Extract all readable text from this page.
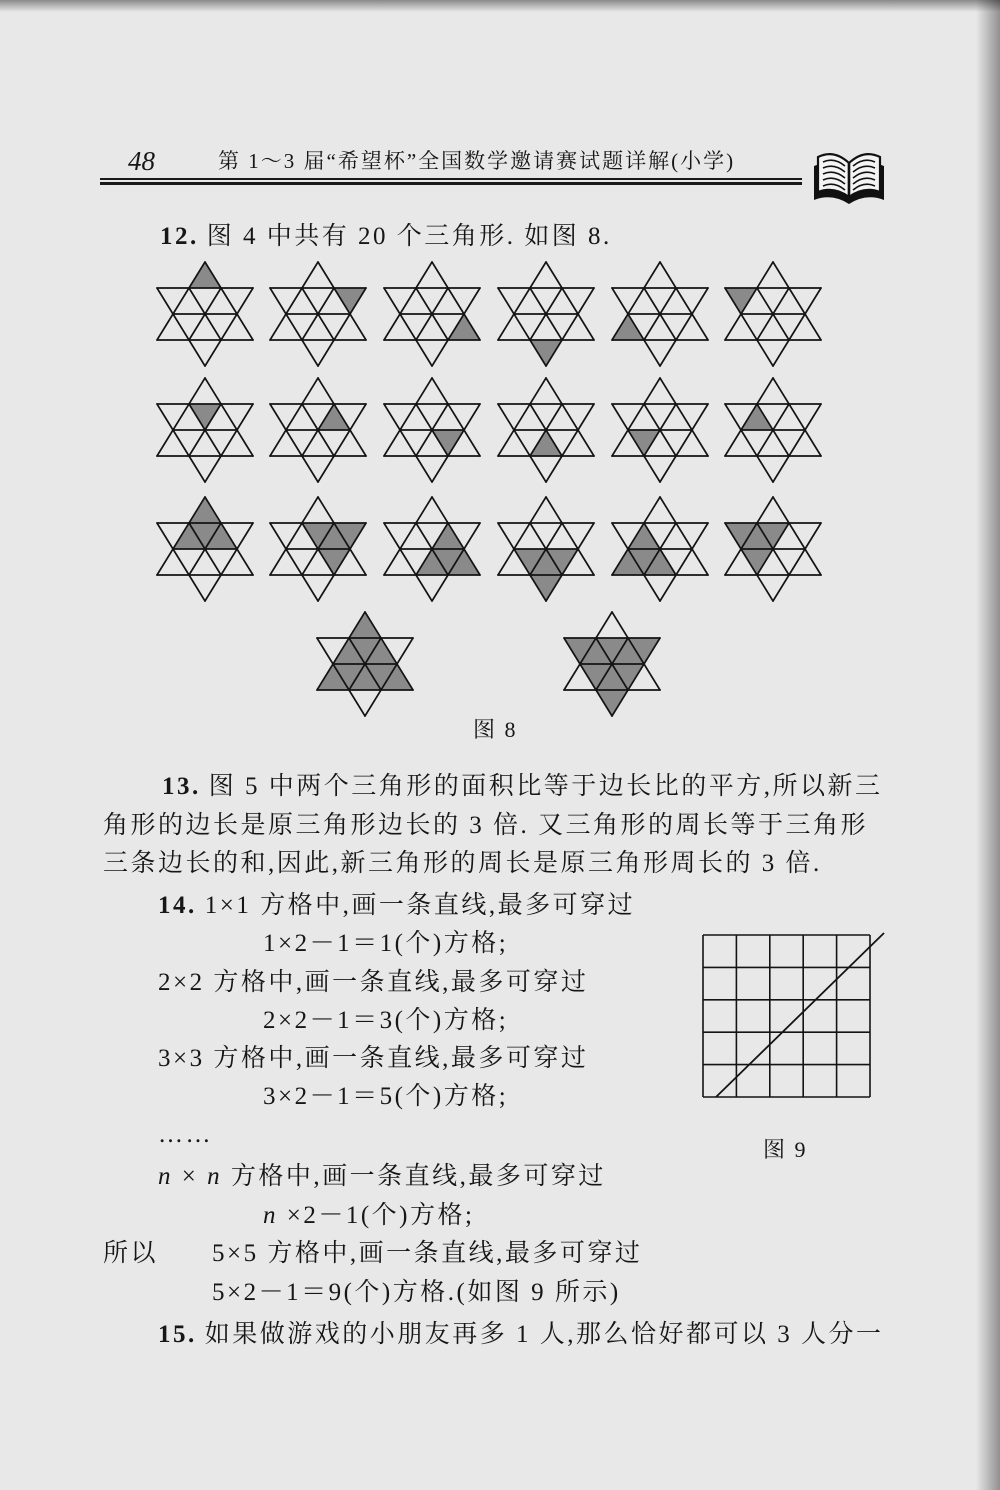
48	第 1～3 届“希望杯”全国数学邀请赛试题详解(小学)
12. 图 4 中共有 20 个三角形. 如图 8.
图 8
13. 图 5 中两个三角形的面积比等于边长比的平方,所以新三
角形的边长是原三角形边长的 3 倍. 又三角形的周长等于三角形
三条边长的和,因此,新三角形的周长是原三角形周长的 3 倍.
14. 1×1 方格中,画一条直线,最多可穿过
1×2－1＝1(个)方格;
2×2 方格中,画一条直线,最多可穿过
2×2－1＝3(个)方格;
3×3 方格中,画一条直线,最多可穿过
3×2－1＝5(个)方格;
……
n × n 方格中,画一条直线,最多可穿过
n ×2－1(个)方格;
所以 5×5 方格中,画一条直线,最多可穿过
5×2－1＝9(个)方格.(如图 9 所示)
图 9
15. 如果做游戏的小朋友再多 1 人,那么恰好都可以 3 人分一
